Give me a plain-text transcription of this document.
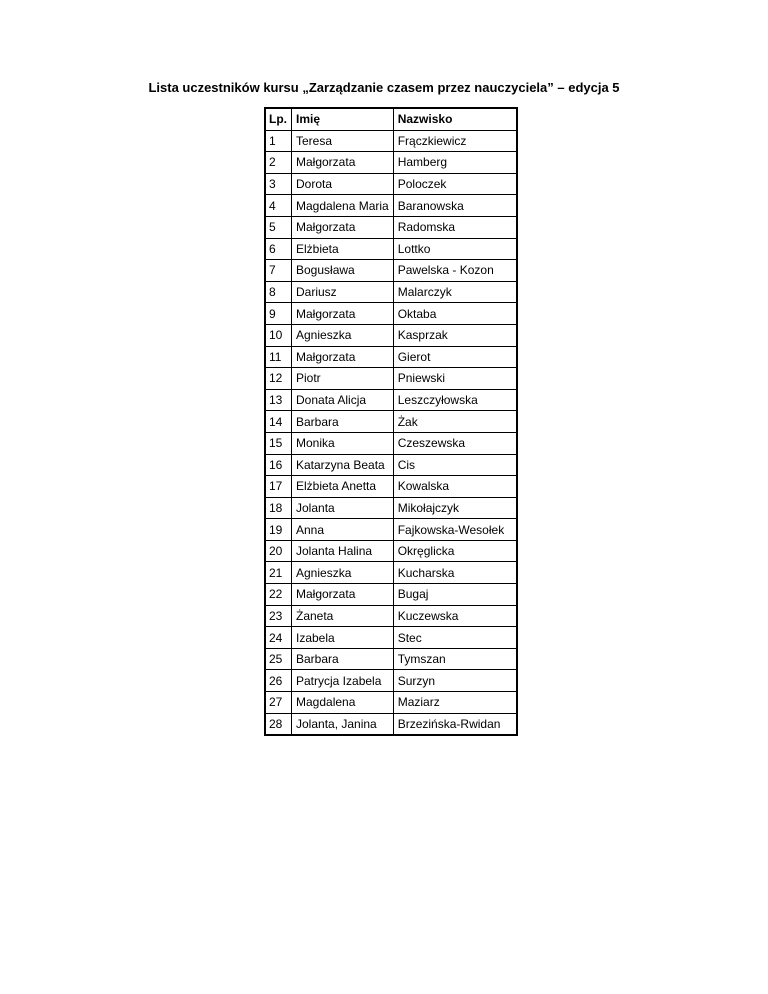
Lista uczestników kursu „Zarządzanie czasem przez nauczyciela” – edycja 5
Lp.	Imię	Nazwisko
1	Teresa	Frączkiewicz
2	Małgorzata	Hamberg
3	Dorota	Poloczek
4	Magdalena Maria	Baranowska
5	Małgorzata	Radomska
6	Elżbieta	Lottko
7	Bogusława	Pawelska - Kozon
8	Dariusz	Malarczyk
9	Małgorzata	Oktaba
10	Agnieszka	Kasprzak
11	Małgorzata	Gierot
12	Piotr	Pniewski
13	Donata Alicja	Leszczyłowska
14	Barbara	Żak
15	Monika	Czeszewska
16	Katarzyna Beata	Cis
17	Elżbieta Anetta	Kowalska
18	Jolanta	Mikołajczyk
19	Anna	Fajkowska-Wesołek
20	Jolanta Halina	Okręglicka
21	Agnieszka	Kucharska
22	Małgorzata	Bugaj
23	Żaneta	Kuczewska
24	Izabela	Stec
25	Barbara	Tymszan
26	Patrycja Izabela	Surzyn
27	Magdalena	Maziarz
28	Jolanta, Janina	Brzezińska-Rwidan
